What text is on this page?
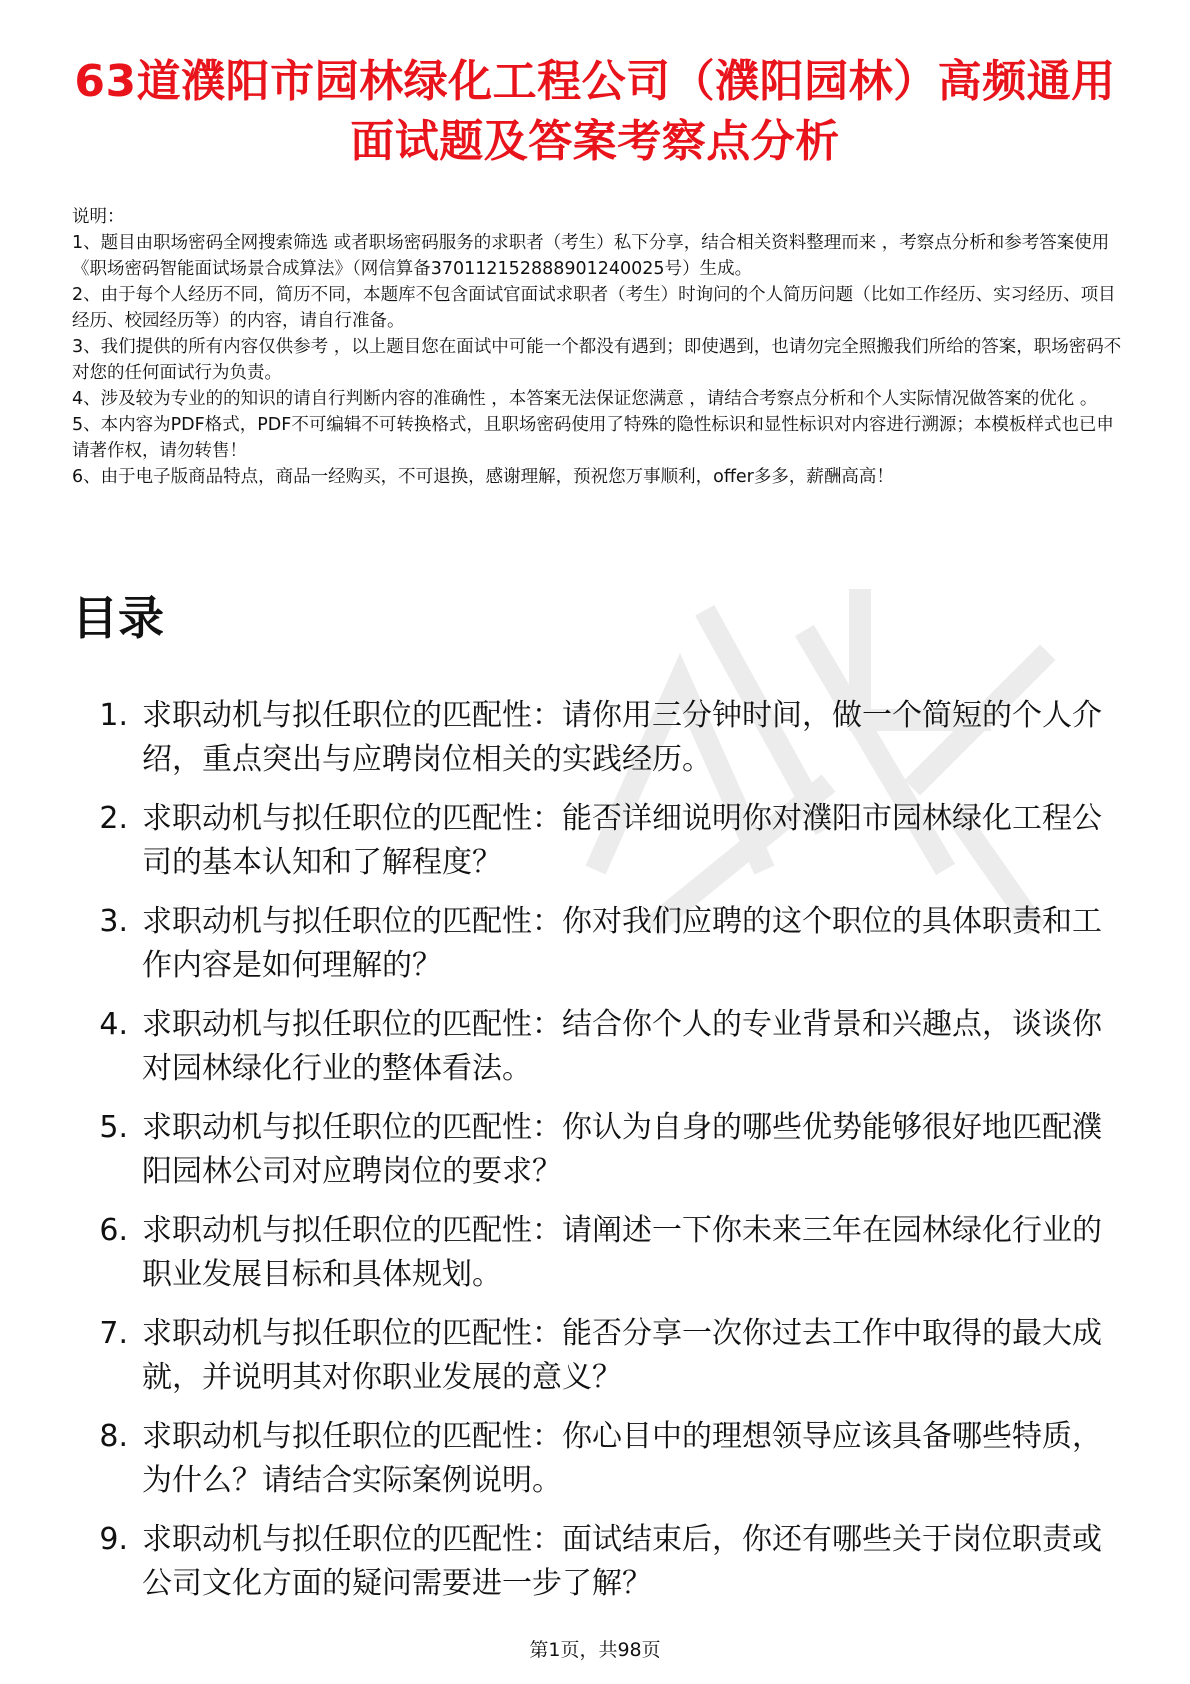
63道濮阳市园林绿化工程公司（濮阳园林）高频通用面试题及答案考察点分析

说明：

1、题目由职场密码全网搜索筛选 或者职场密码服务的求职者（考生）私下分享，结合相关资料整理而来 ，考察点分析和参考答案使用《职场密码智能面试场景合成算法》（网信算备370112152888901240025号）生成。

2、由于每个人经历不同，简历不同，本题库不包含面试官面试求职者（考生）时询问的个人简历问题（比如工作经历、实习经历、项目经历、校园经历等）的内容，请自行准备。

3、我们提供的所有内容仅供参考 ，以上题目您在面试中可能一个都没有遇到；即使遇到，也请勿完全照搬我们所给的答案，职场密码不对您的任何面试行为负责。

4、涉及较为专业的的知识的请自行判断内容的准确性 ，本答案无法保证您满意 ，请结合考察点分析和个人实际情况做答案的优化 。

5、本内容为PDF格式，PDF不可编辑不可转换格式，且职场密码使用了特殊的隐性标识和显性标识对内容进行溯源；本模板样式也已申请著作权，请勿转售！

6、由于电子版商品特点，商品一经购买，不可退换，感谢理解，预祝您万事顺利，offer多多，薪酬高高！

目录
1. 求职动机与拟任职位的匹配性：请你用三分钟时间，做一个简短的个人介绍，重点突出与应聘岗位相关的实践经历。
2. 求职动机与拟任职位的匹配性：能否详细说明你对濮阳市园林绿化工程公司的基本认知和了解程度？
3. 求职动机与拟任职位的匹配性：你对我们应聘的这个职位的具体职责和工作内容是如何理解的？
4. 求职动机与拟任职位的匹配性：结合你个人的专业背景和兴趣点，谈谈你对园林绿化行业的整体看法。
5. 求职动机与拟任职位的匹配性：你认为自身的哪些优势能够很好地匹配濮阳园林公司对应聘岗位的要求？
6. 求职动机与拟任职位的匹配性：请阐述一下你未来三年在园林绿化行业的职业发展目标和具体规划。
7. 求职动机与拟任职位的匹配性：能否分享一次你过去工作中取得的最大成就，并说明其对你职业发展的意义？
8. 求职动机与拟任职位的匹配性：你心目中的理想领导应该具备哪些特质，为什么？请结合实际案例说明。
9. 求职动机与拟任职位的匹配性：面试结束后，你还有哪些关于岗位职责或公司文化方面的疑问需要进一步了解？
第1页，共98页
